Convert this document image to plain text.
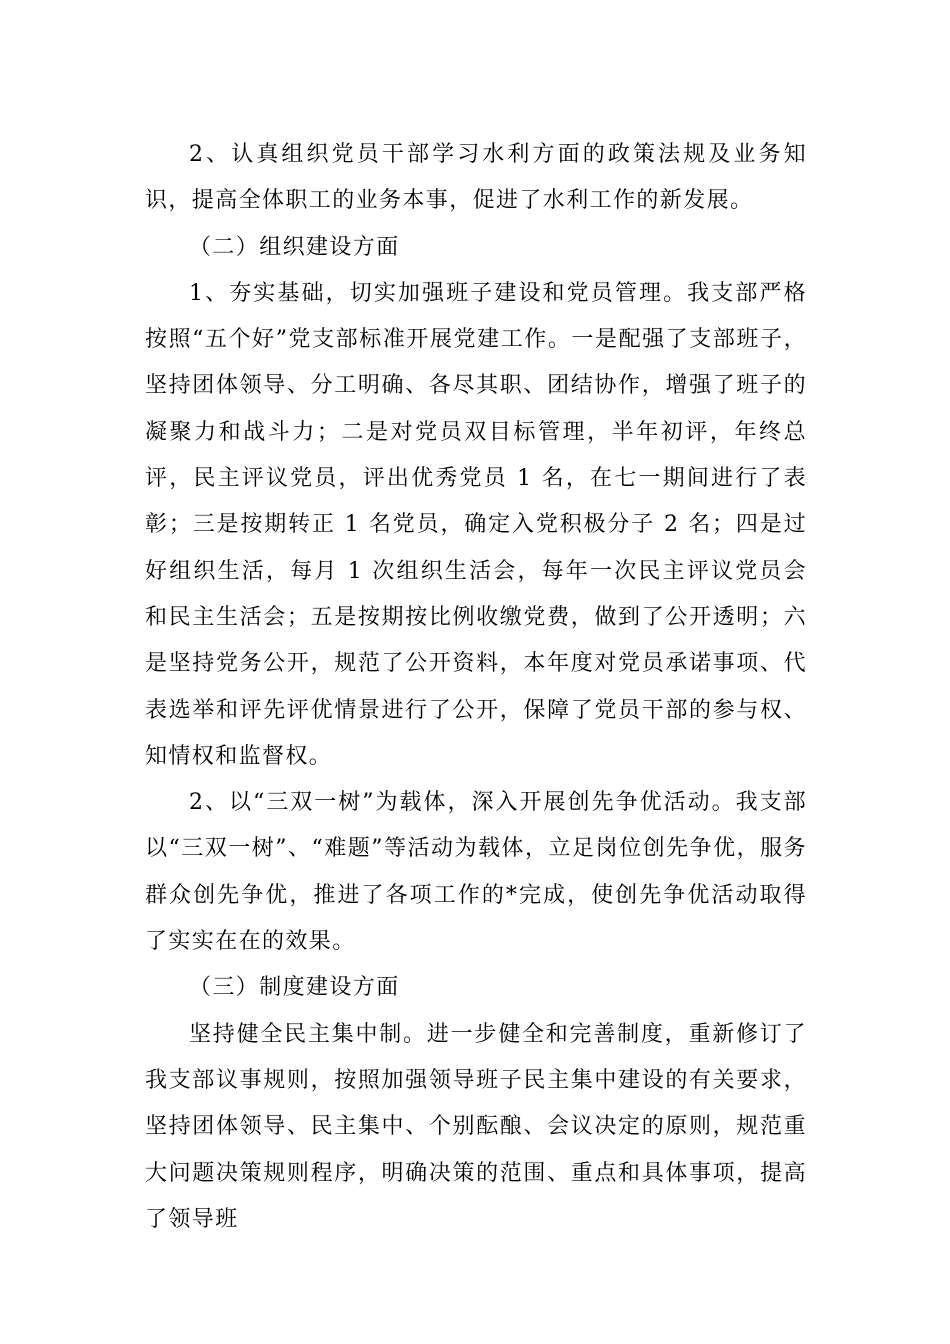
2、认真组织党员干部学习水利方面的政策法规及业务知识，提高全体职工的业务本事，促进了水利工作的新发展。

（二）组织建设方面

1、夯实基础，切实加强班子建设和党员管理。我支部严格按照“五个好”党支部标准开展党建工作。一是配强了支部班子，坚持团体领导、分工明确、各尽其职、团结协作，增强了班子的凝聚力和战斗力；二是对党员双目标管理，半年初评，年终总评，民主评议党员，评出优秀党员 1 名，在七一期间进行了表彰；三是按期转正 1 名党员，确定入党积极分子 2 名；四是过好组织生活，每月 1 次组织生活会，每年一次民主评议党员会和民主生活会；五是按期按比例收缴党费，做到了公开透明；六是坚持党务公开，规范了公开资料，本年度对党员承诺事项、代表选举和评先评优情景进行了公开，保障了党员干部的参与权、知情权和监督权。

2、以“三双一树”为载体，深入开展创先争优活动。我支部以“三双一树”、“难题”等活动为载体，立足岗位创先争优，服务群众创先争优，推进了各项工作的*完成，使创先争优活动取得了实实在在的效果。

（三）制度建设方面

坚持健全民主集中制。进一步健全和完善制度，重新修订了我支部议事规则，按照加强领导班子民主集中建设的有关要求，坚持团体领导、民主集中、个别酝酿、会议决定的原则，规范重大问题决策规则程序，明确决策的范围、重点和具体事项，提高了领导班
